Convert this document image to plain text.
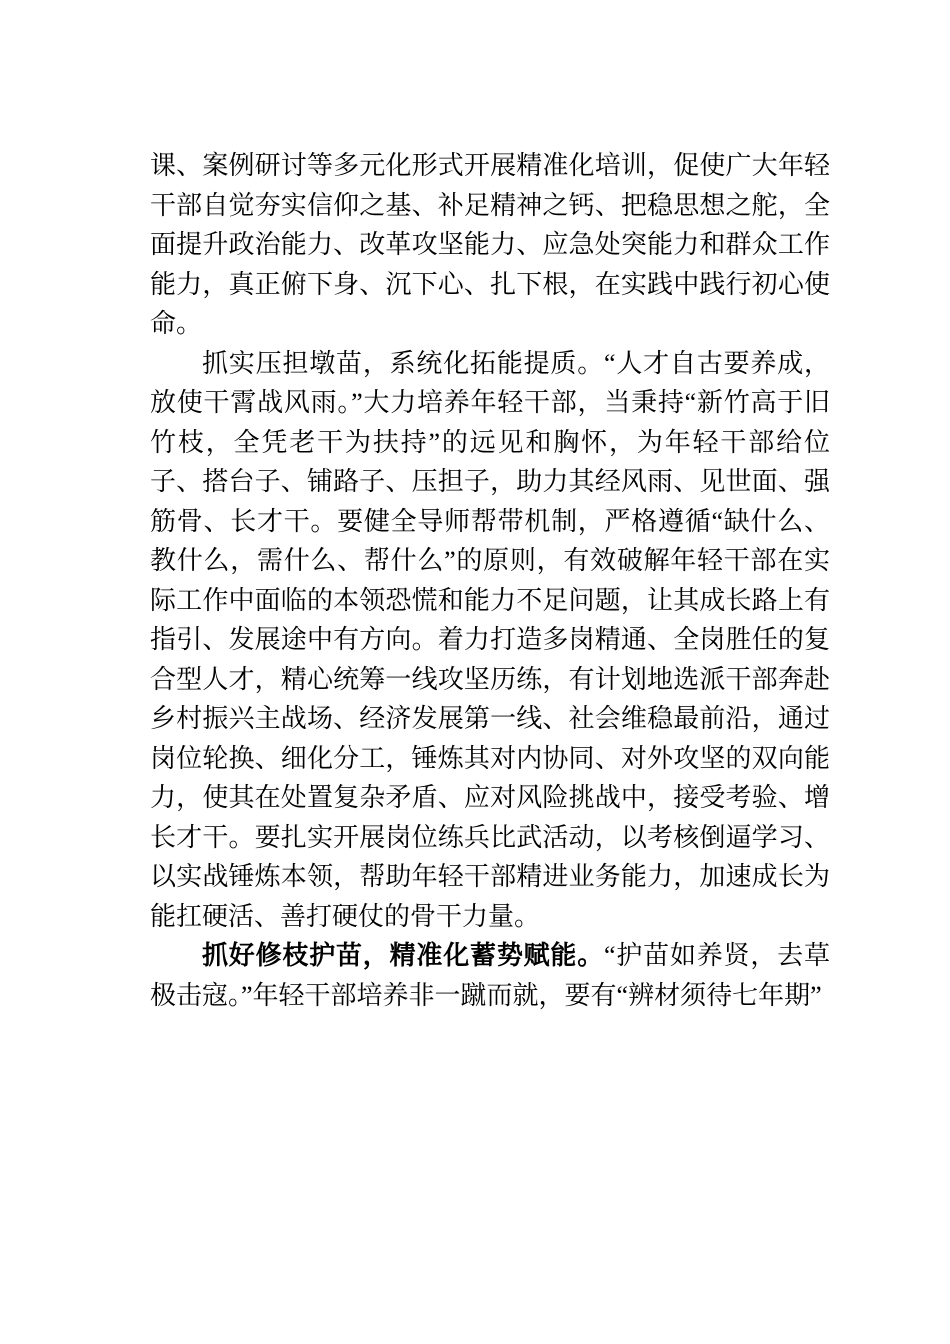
课、案例研讨等多元化形式开展精准化培训，促使广大年轻干部自觉夯实信仰之基、补足精神之钙、把稳思想之舵，全面提升政治能力、改革攻坚能力、应急处突能力和群众工作能力，真正俯下身、沉下心、扎下根，在实践中践行初心使命。

抓实压担墩苗，系统化拓能提质。“人才自古要养成，放使干霄战风雨。”大力培养年轻干部，当秉持“新竹高于旧竹枝，全凭老干为扶持”的远见和胸怀，为年轻干部给位子、搭台子、铺路子、压担子，助力其经风雨、见世面、强筋骨、长才干。要健全导师帮带机制，严格遵循“缺什么、教什么，需什么、帮什么”的原则，有效破解年轻干部在实际工作中面临的本领恐慌和能力不足问题，让其成长路上有指引、发展途中有方向。着力打造多岗精通、全岗胜任的复合型人才，精心统筹一线攻坚历练，有计划地选派干部奔赴乡村振兴主战场、经济发展第一线、社会维稳最前沿，通过岗位轮换、细化分工，锤炼其对内协同、对外攻坚的双向能力，使其在处置复杂矛盾、应对风险挑战中，接受考验、增长才干。要扎实开展岗位练兵比武活动，以考核倒逼学习、以实战锤炼本领，帮助年轻干部精进业务能力，加速成长为能扛硬活、善打硬仗的骨干力量。

抓好修枝护苗，精准化蓄势赋能。“护苗如养贤，去草极击寇。”年轻干部培养非一蹴而就，要有“辨材须待七年期”
